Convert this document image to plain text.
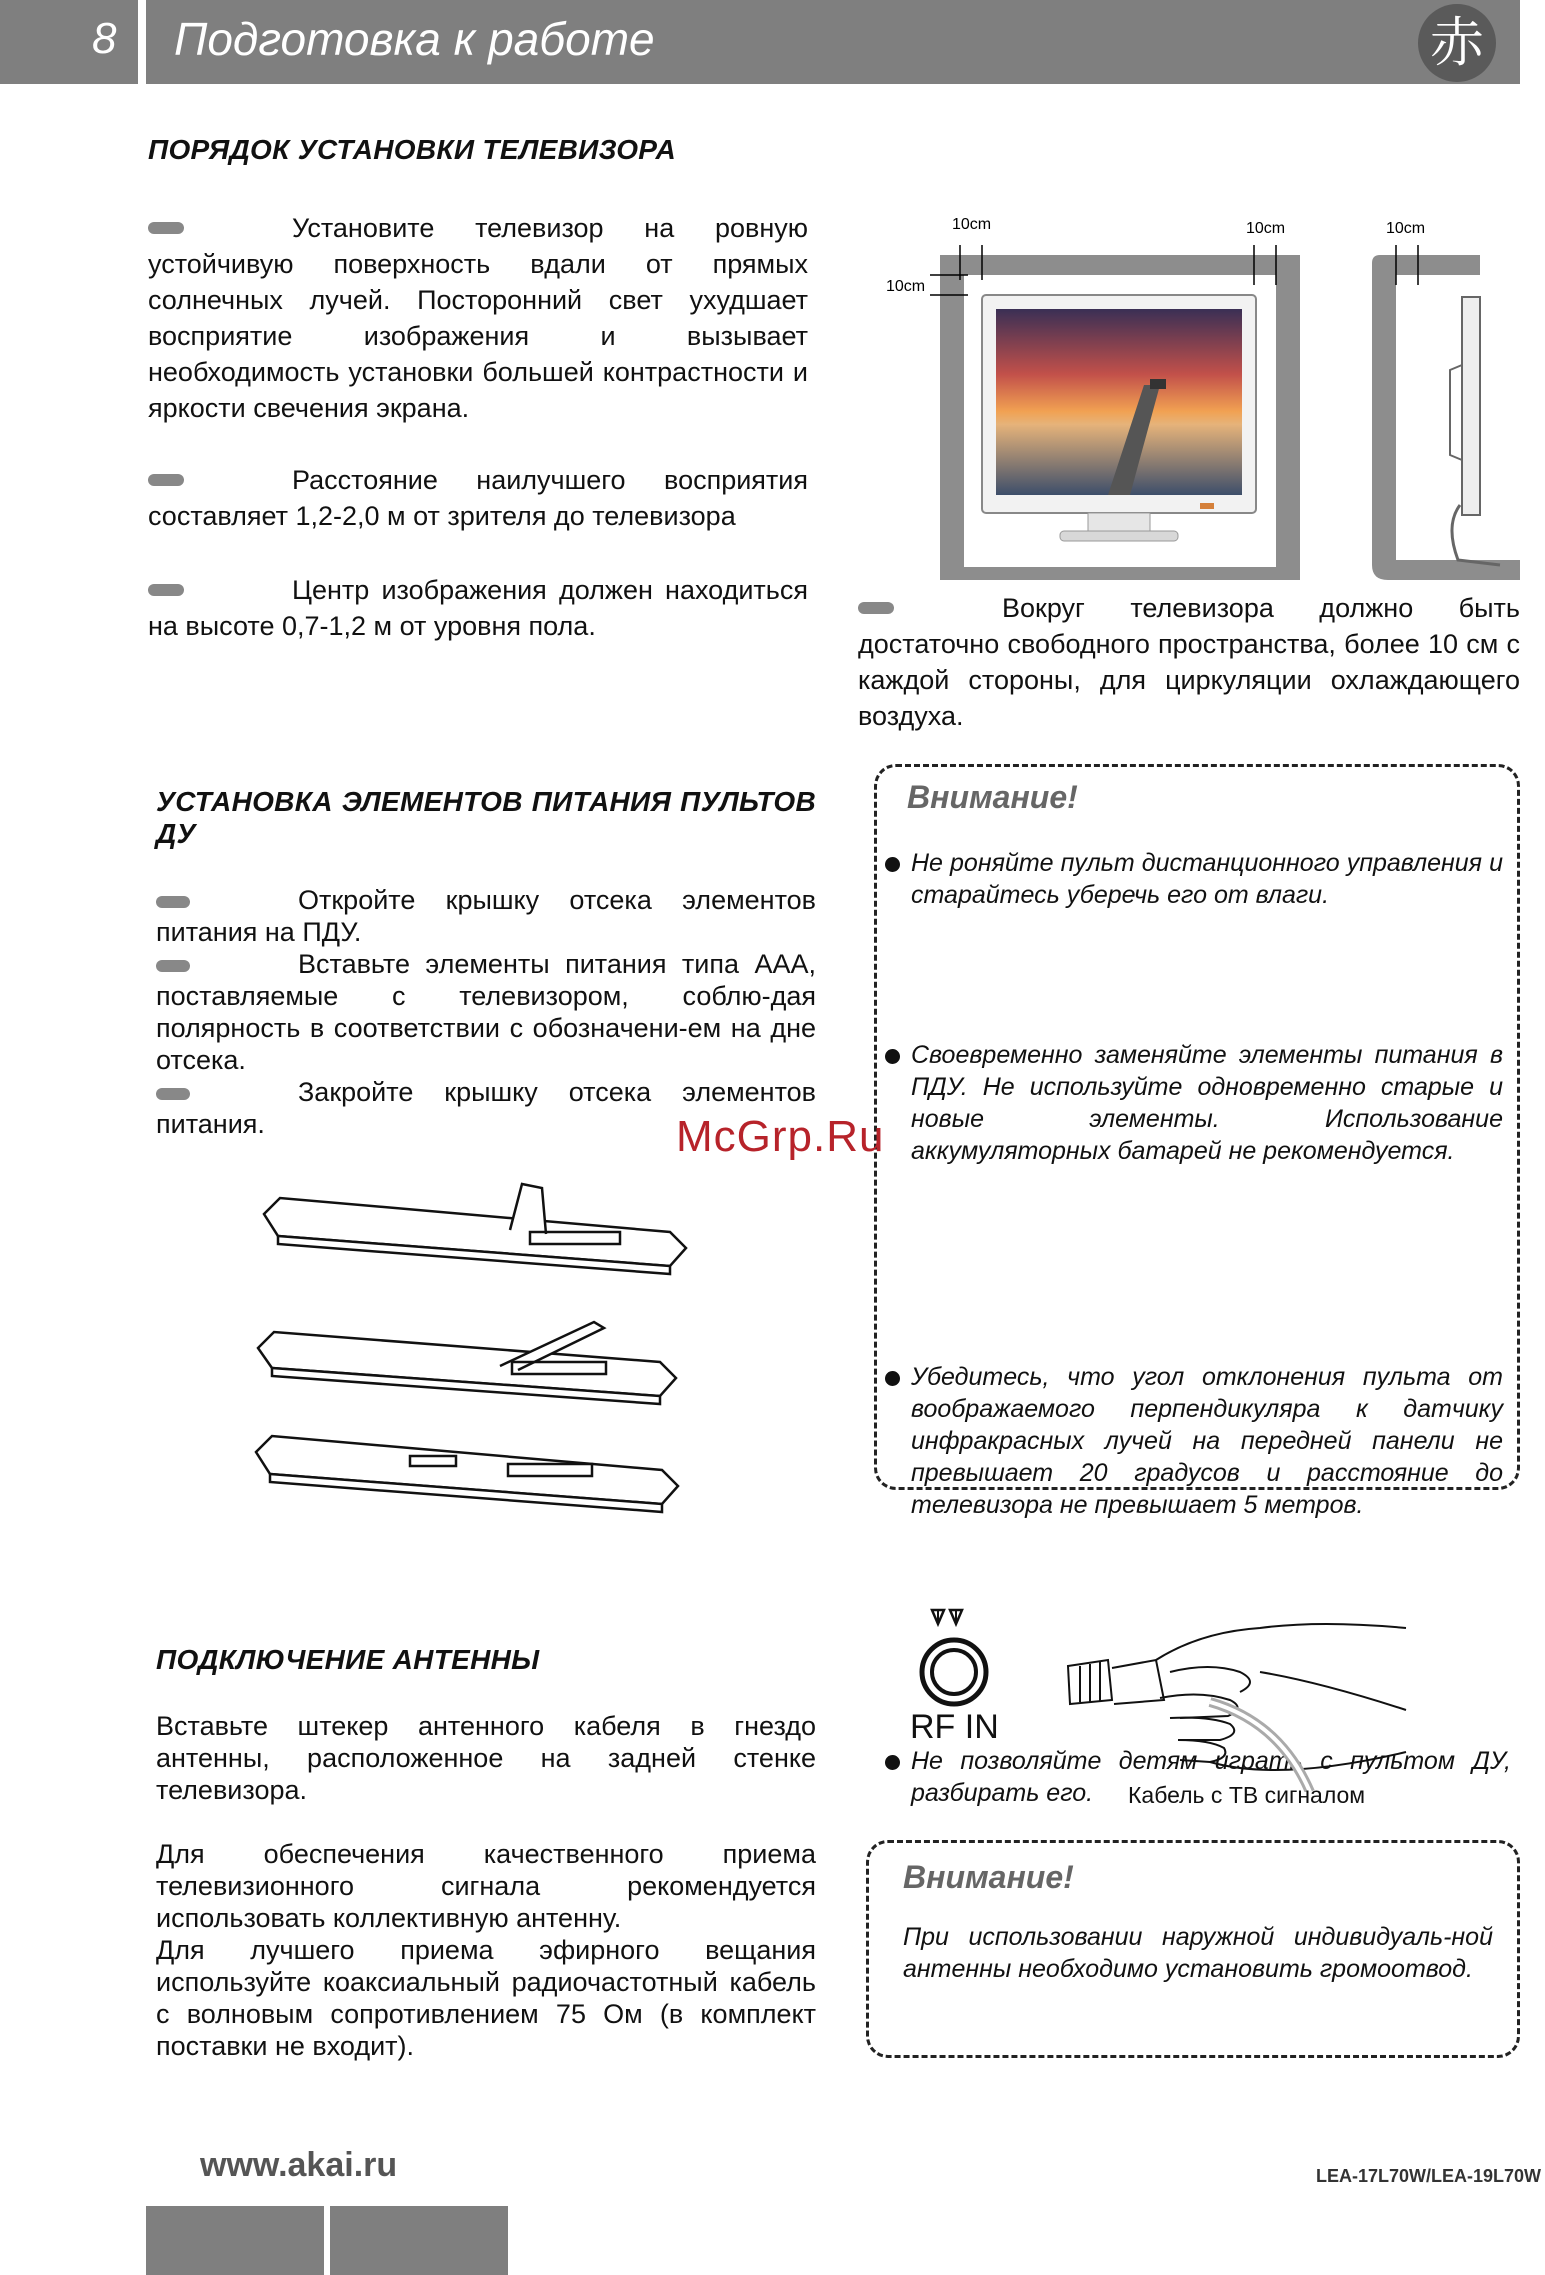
8 Подготовка к работе	赤
ПОРЯДОК УСТАНОВКИ ТЕЛЕВИЗОРА
Установите телевизор на ровную устойчивую поверхность вдали от прямых солнечных лучей. Посторонний свет ухудшает восприятие изображения и вызывает необходимость установки большей контрастности и яркости свечения экрана.
Расстояние наилучшего восприятия составляет 1,2-2,0 м от зрителя до телевизора
Центр изображения должен находиться на высоте 0,7-1,2 м от уровня пола.
10cm
10cm
10cm	10cm
Вокруг телевизора должно быть достаточно свободного пространства, более 10 см с каждой стороны, для циркуляции охлаждающего воздуха.
УСТАНОВКА ЭЛЕМЕНТОВ ПИТАНИЯ ПУЛЬТОВ ДУ
Откройте крышку отсека элементов питания на ПДУ.
Вставьте элементы питания типа ААА, поставляемые с телевизором, соблю-дая полярность в соответствии с обозначени-ем на дне отсека.
Закройте крышку отсека элементов питания.
Внимание!
Не роняйте пульт дистанционного управления и старайтесь уберечь его от влаги.
Своевременно заменяйте элементы питания в ПДУ. Не используйте одновременно старые и новые элементы. Использование аккумуляторных батарей не рекомендуется.
Убедитесь, что угол отклонения пульта от воображаемого перпендикуляра к датчику инфракрасных лучей на передней панели не превышает 20 градусов и расстояние до телевизора не превышает 5 метров.
Не позволяйте детям играть с пультом ДУ, разбирать его.
McGrp.Ru
ПОДКЛЮЧЕНИЕ АНТЕННЫ
Вставьте штекер антенного кабеля в гнездо антенны, расположенное на задней стенке телевизора.
Для обеспечения качественного приема телевизионного сигнала рекомендуется использовать коллективную антенну.
Для лучшего приема эфирного вещания используйте коаксиальный радиочастотный кабель с волновым сопротивлением 75 Ом (в комплект поставки не входит).
RF IN
Кабель с ТВ сигналом
Внимание!
При использовании наружной индивидуаль-ной антенны необходимо установить громоотвод.
www.akai.ru	LEA-17L70W/LEA-19L70W
